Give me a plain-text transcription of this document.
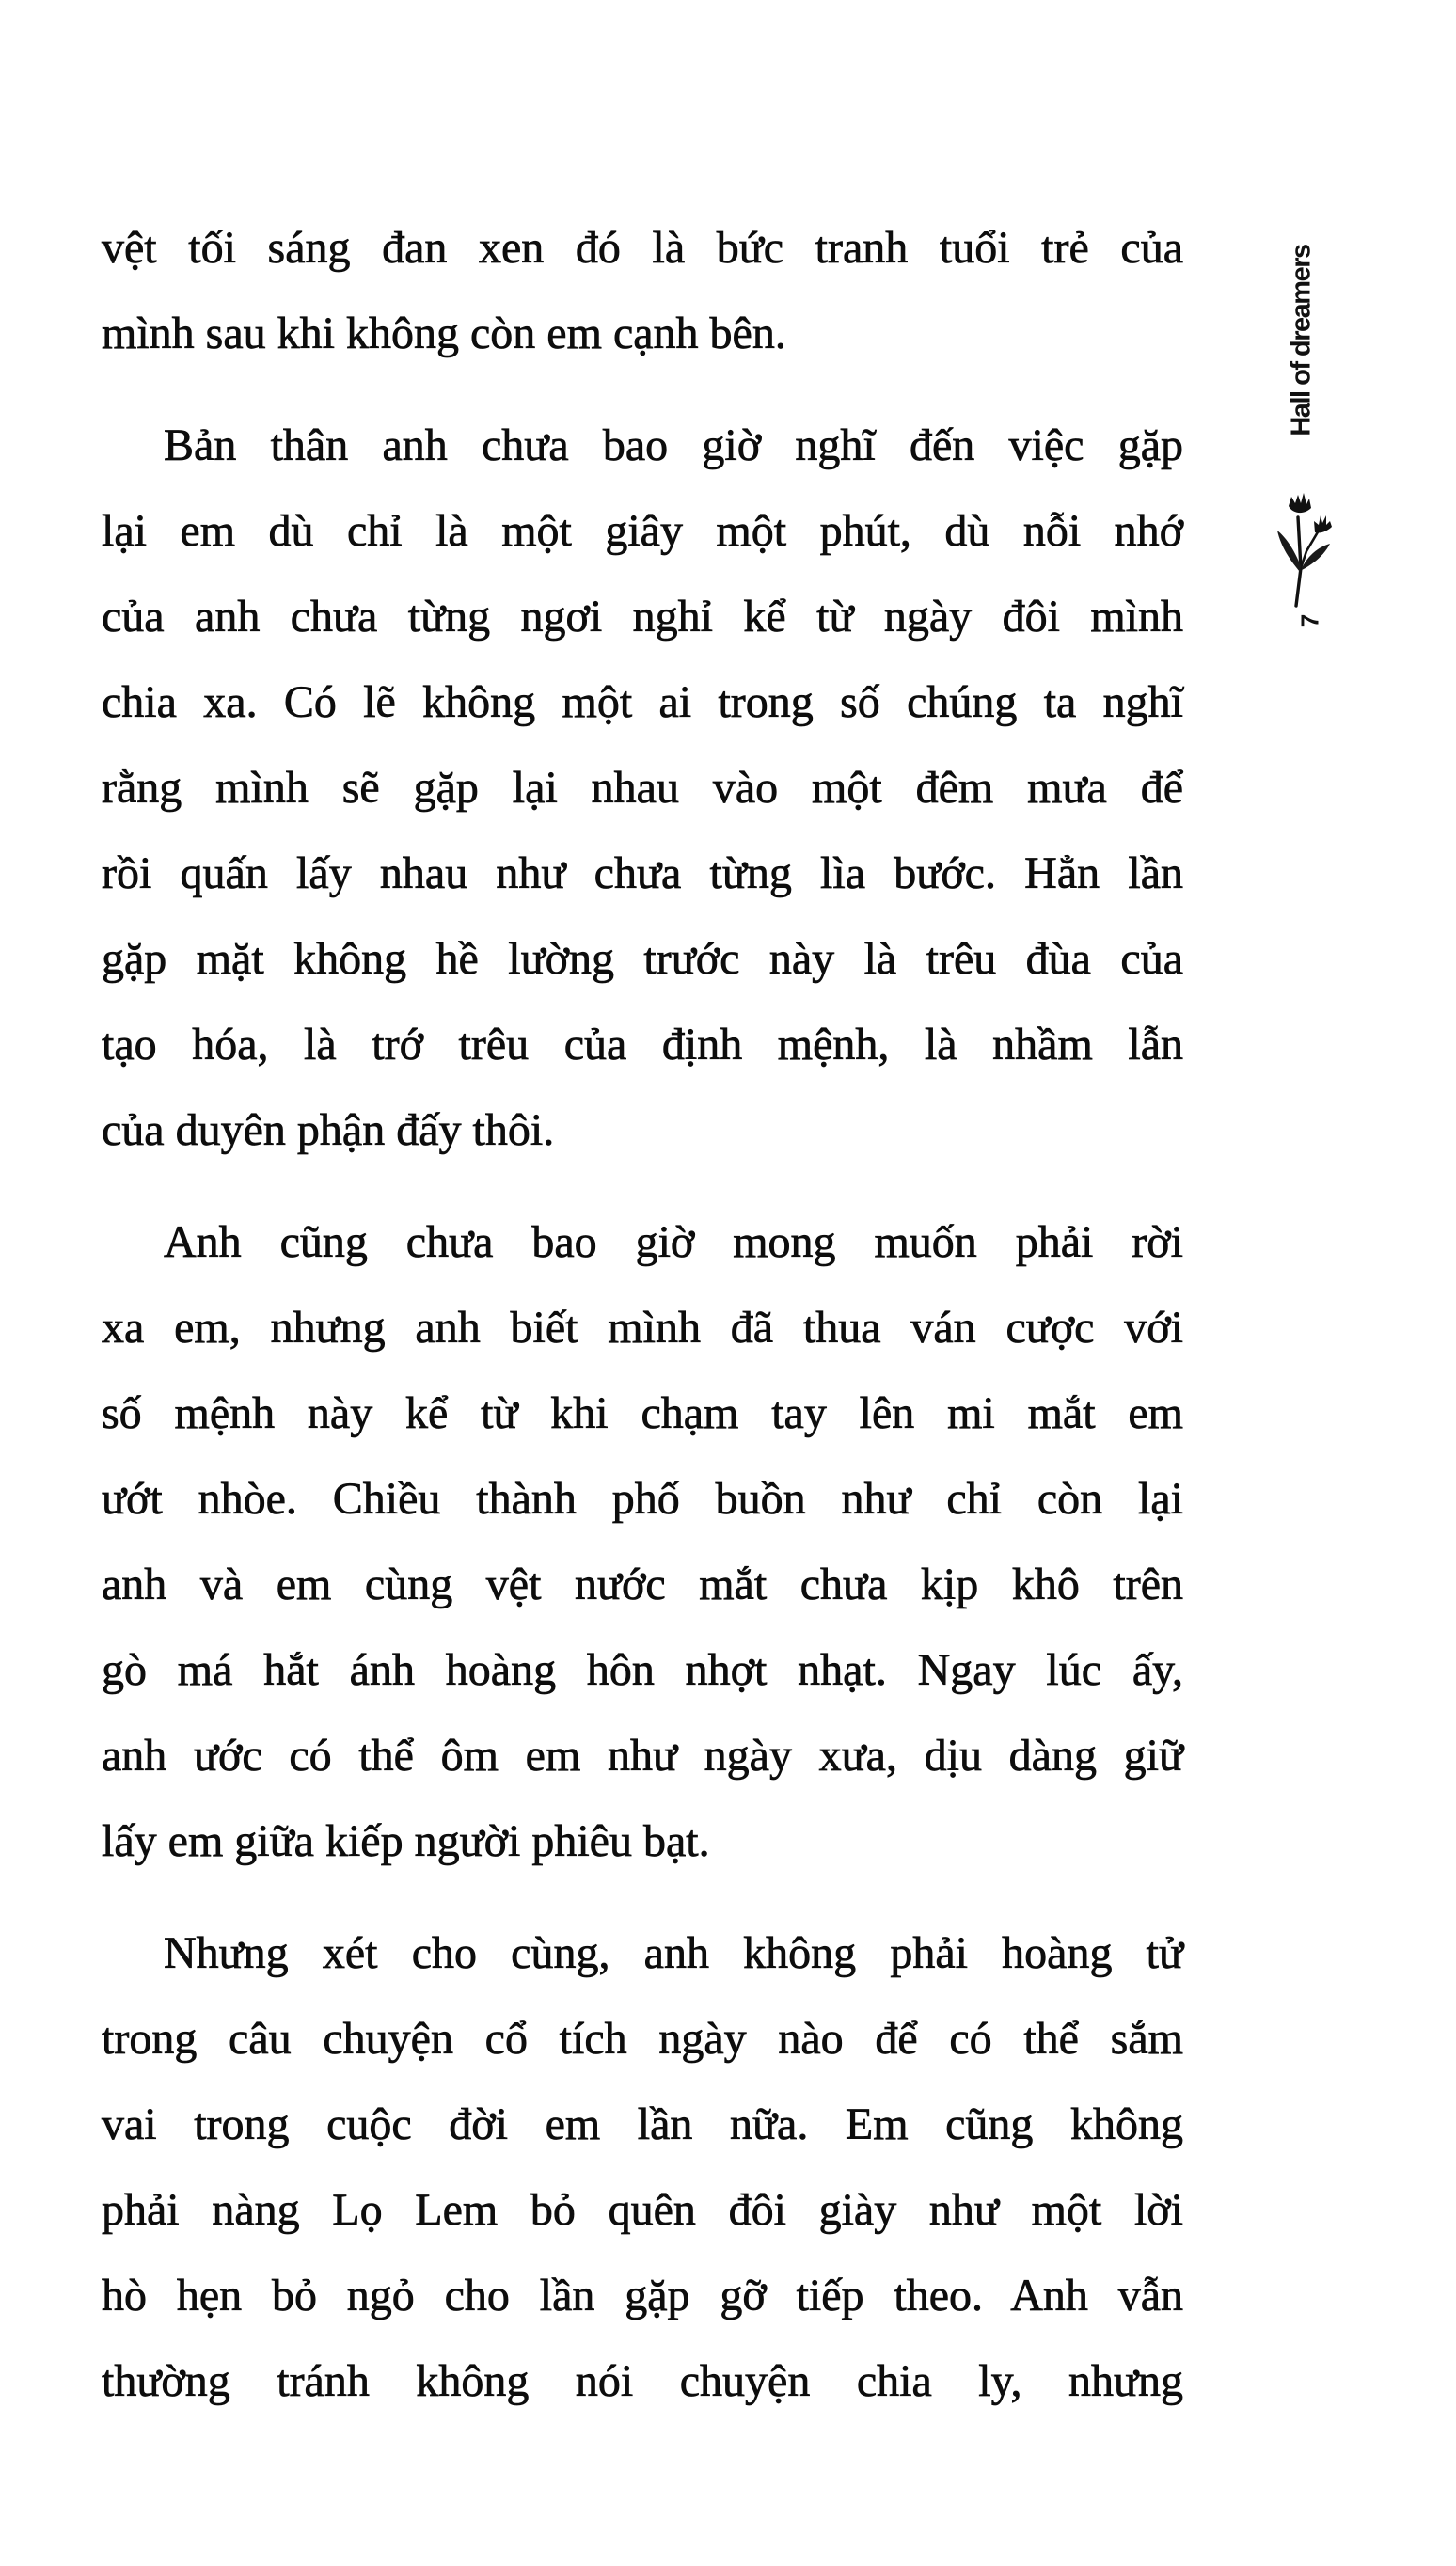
vệt tối sáng đan xen đó là bức tranh tuổi trẻ của
mình sau khi không còn em cạnh bên.

Bản thân anh chưa bao giờ nghĩ đến việc gặp
lại em dù chỉ là một giây một phút, dù nỗi nhớ
của anh chưa từng ngơi nghỉ kể từ ngày đôi mình
chia xa. Có lẽ không một ai trong số chúng ta nghĩ
rằng mình sẽ gặp lại nhau vào một đêm mưa để
rồi quấn lấy nhau như chưa từng lìa bước. Hẳn lần
gặp mặt không hề lường trước này là trêu đùa của
tạo hóa, là trớ trêu của định mệnh, là nhầm lẫn
của duyên phận đấy thôi.

Anh cũng chưa bao giờ mong muốn phải rời
xa em, nhưng anh biết mình đã thua ván cược với
số mệnh này kể từ khi chạm tay lên mi mắt em
ướt nhòe. Chiều thành phố buồn như chỉ còn lại
anh và em cùng vệt nước mắt chưa kịp khô trên
gò má hắt ánh hoàng hôn nhợt nhạt. Ngay lúc ấy,
anh ước có thể ôm em như ngày xưa, dịu dàng giữ
lấy em giữa kiếp người phiêu bạt.

Nhưng xét cho cùng, anh không phải hoàng tử
trong câu chuyện cổ tích ngày nào để có thể sắm
vai trong cuộc đời em lần nữa. Em cũng không
phải nàng Lọ Lem bỏ quên đôi giày như một lời
hò hẹn bỏ ngỏ cho lần gặp gỡ tiếp theo. Anh vẫn
thường tránh không nói chuyện chia ly, nhưng

Hall of dreamers
7
